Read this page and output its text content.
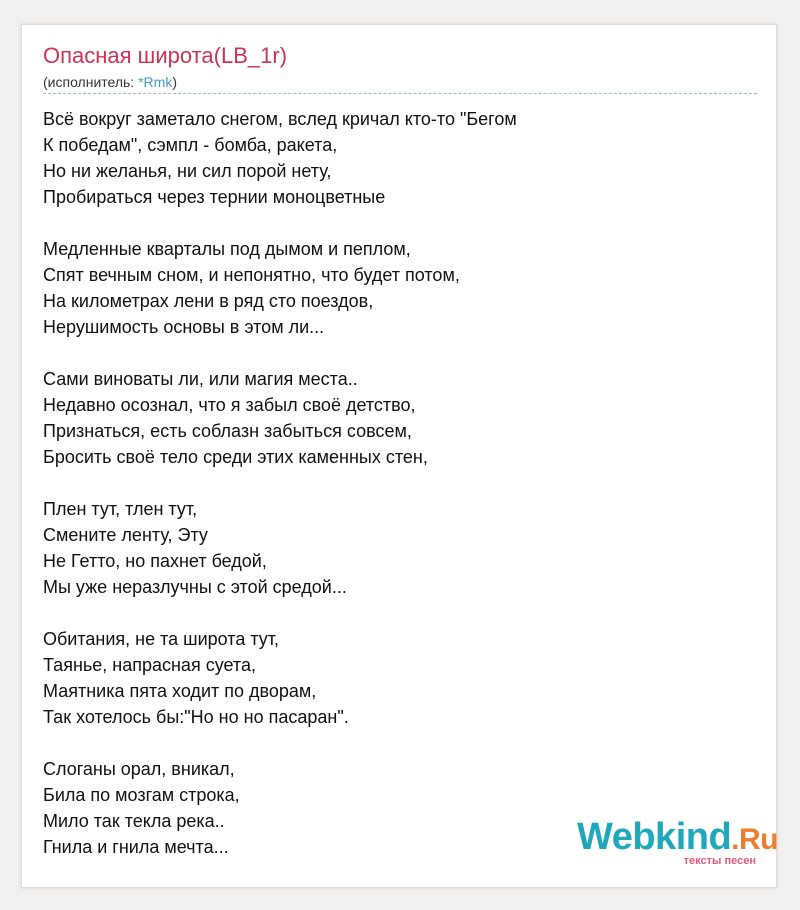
Опасная широта(LB_1r)
(исполнитель: *Rmk)
Всё вокруг заметало снегом, вслед кричал кто-то "Бегом
К победам", сэмпл - бомба, ракета,
Но ни желанья, ни сил порой нету,
Пробираться через тернии моноцветные
Медленные кварталы под дымом и пеплом,
Спят вечным сном, и непонятно, что будет потом,
На километрах лени в ряд сто поездов,
Нерушимость основы в этом ли...
Сами виноваты ли, или магия места..
Недавно осознал, что я забыл своё детство,
Признаться, есть соблазн забыться совсем,
Бросить своё тело среди этих каменных стен,
Плен тут, тлен тут,
Смените ленту, Эту
Не Гетто, но пахнет бедой,
Мы уже неразлучны с этой средой...
Обитания, не та широта тут,
Таянье, напрасная суета,
Маятника пята ходит по дворам,
Так хотелось бы:"Но но но пасаран".
Слоганы орал, вникал,
Била по мозгам строка,
Мило так текла река..
Гнила и гнила мечта...	Webkind.Ru
тексты песен
